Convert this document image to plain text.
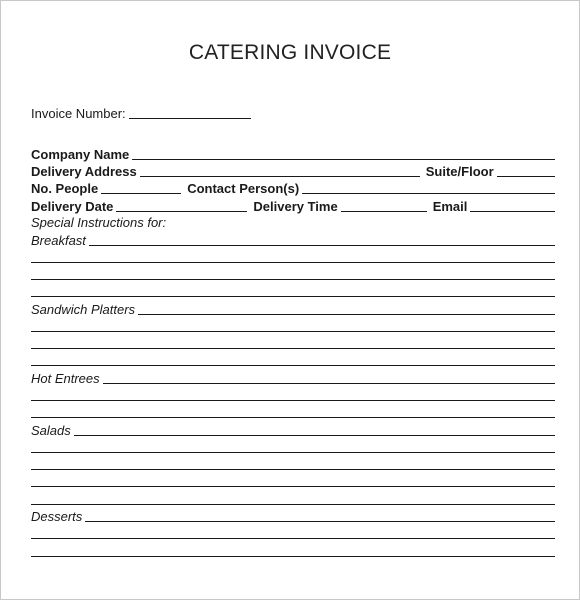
CATERING INVOICE
Invoice Number:
Company Name
Delivery Address	Suite/Floor
No. People	Contact Person(s)
Delivery Date	Delivery Time	Email
Special Instructions for:
Breakfast
Sandwich Platters
Hot Entrees
Salads
Desserts
